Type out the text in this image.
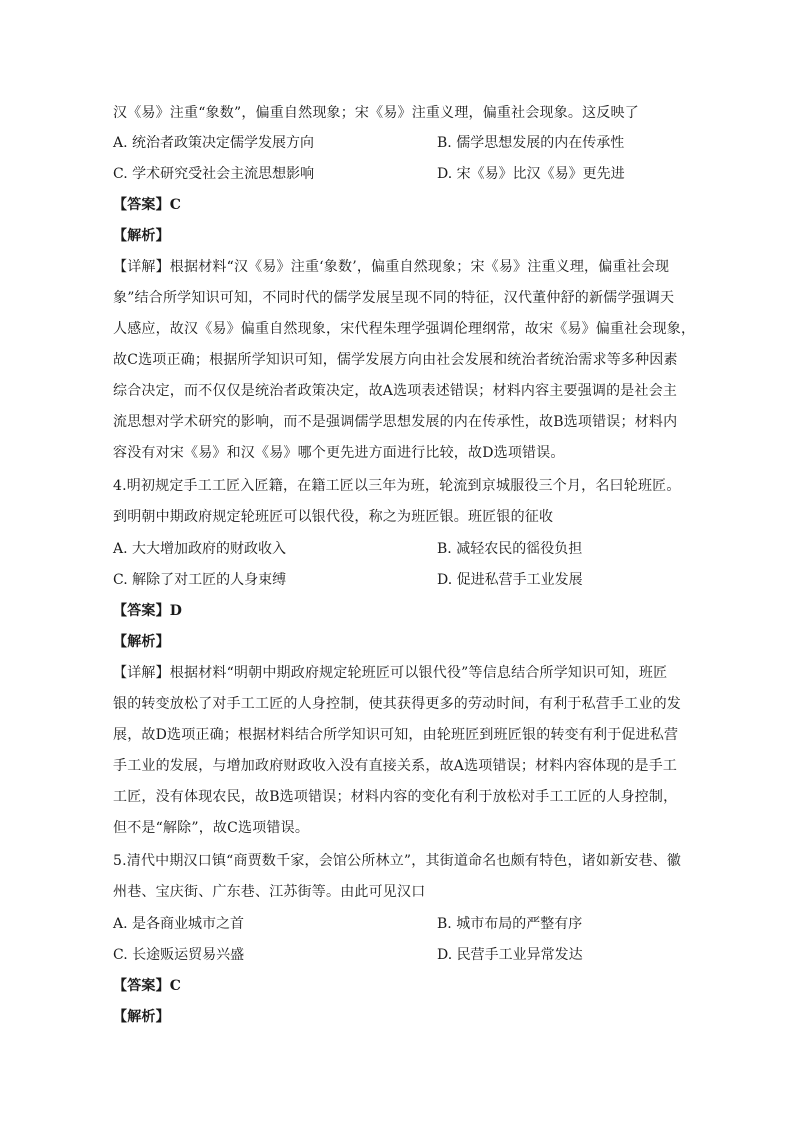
汉《易》注重“象数”，偏重自然现象；宋《易》注重义理，偏重社会现象。这反映了
A. 统治者政策决定儒学发展方向	B. 儒学思想发展的内在传承性
C. 学术研究受社会主流思想影响	D. 宋《易》比汉《易》更先进
【答案】C
【解析】
【详解】根据材料“汉《易》注重‘象数’，偏重自然现象；宋《易》注重义理，偏重社会现
象”结合所学知识可知，不同时代的儒学发展呈现不同的特征，汉代董仲舒的新儒学强调天
人感应，故汉《易》偏重自然现象，宋代程朱理学强调伦理纲常，故宋《易》偏重社会现象，
故C选项正确；根据所学知识可知，儒学发展方向由社会发展和统治者统治需求等多种因素
综合决定，而不仅仅是统治者政策决定，故A选项表述错误；材料内容主要强调的是社会主
流思想对学术研究的影响，而不是强调儒学思想发展的内在传承性，故B选项错误；材料内
容没有对宋《易》和汉《易》哪个更先进方面进行比较，故D选项错误。
4.明初规定手工工匠入匠籍，在籍工匠以三年为班，轮流到京城服役三个月，名曰轮班匠。
到明朝中期政府规定轮班匠可以银代役，称之为班匠银。班匠银的征收
A. 大大增加政府的财政收入	B. 减轻农民的徭役负担
C. 解除了对工匠的人身束缚	D. 促进私营手工业发展
【答案】D
【解析】
【详解】根据材料“明朝中期政府规定轮班匠可以银代役”等信息结合所学知识可知，班匠
银的转变放松了对手工工匠的人身控制，使其获得更多的劳动时间，有利于私营手工业的发
展，故D选项正确；根据材料结合所学知识可知，由轮班匠到班匠银的转变有利于促进私营
手工业的发展，与增加政府财政收入没有直接关系，故A选项错误；材料内容体现的是手工
工匠，没有体现农民，故B选项错误；材料内容的变化有利于放松对手工工匠的人身控制，
但不是“解除”，故C选项错误。
5.清代中期汉口镇“商贾数千家，会馆公所林立”，其街道命名也颇有特色，诸如新安巷、徽
州巷、宝庆街、广东巷、江苏街等。由此可见汉口
A. 是各商业城市之首	B. 城市布局的严整有序
C. 长途贩运贸易兴盛	D. 民营手工业异常发达
【答案】C
【解析】
